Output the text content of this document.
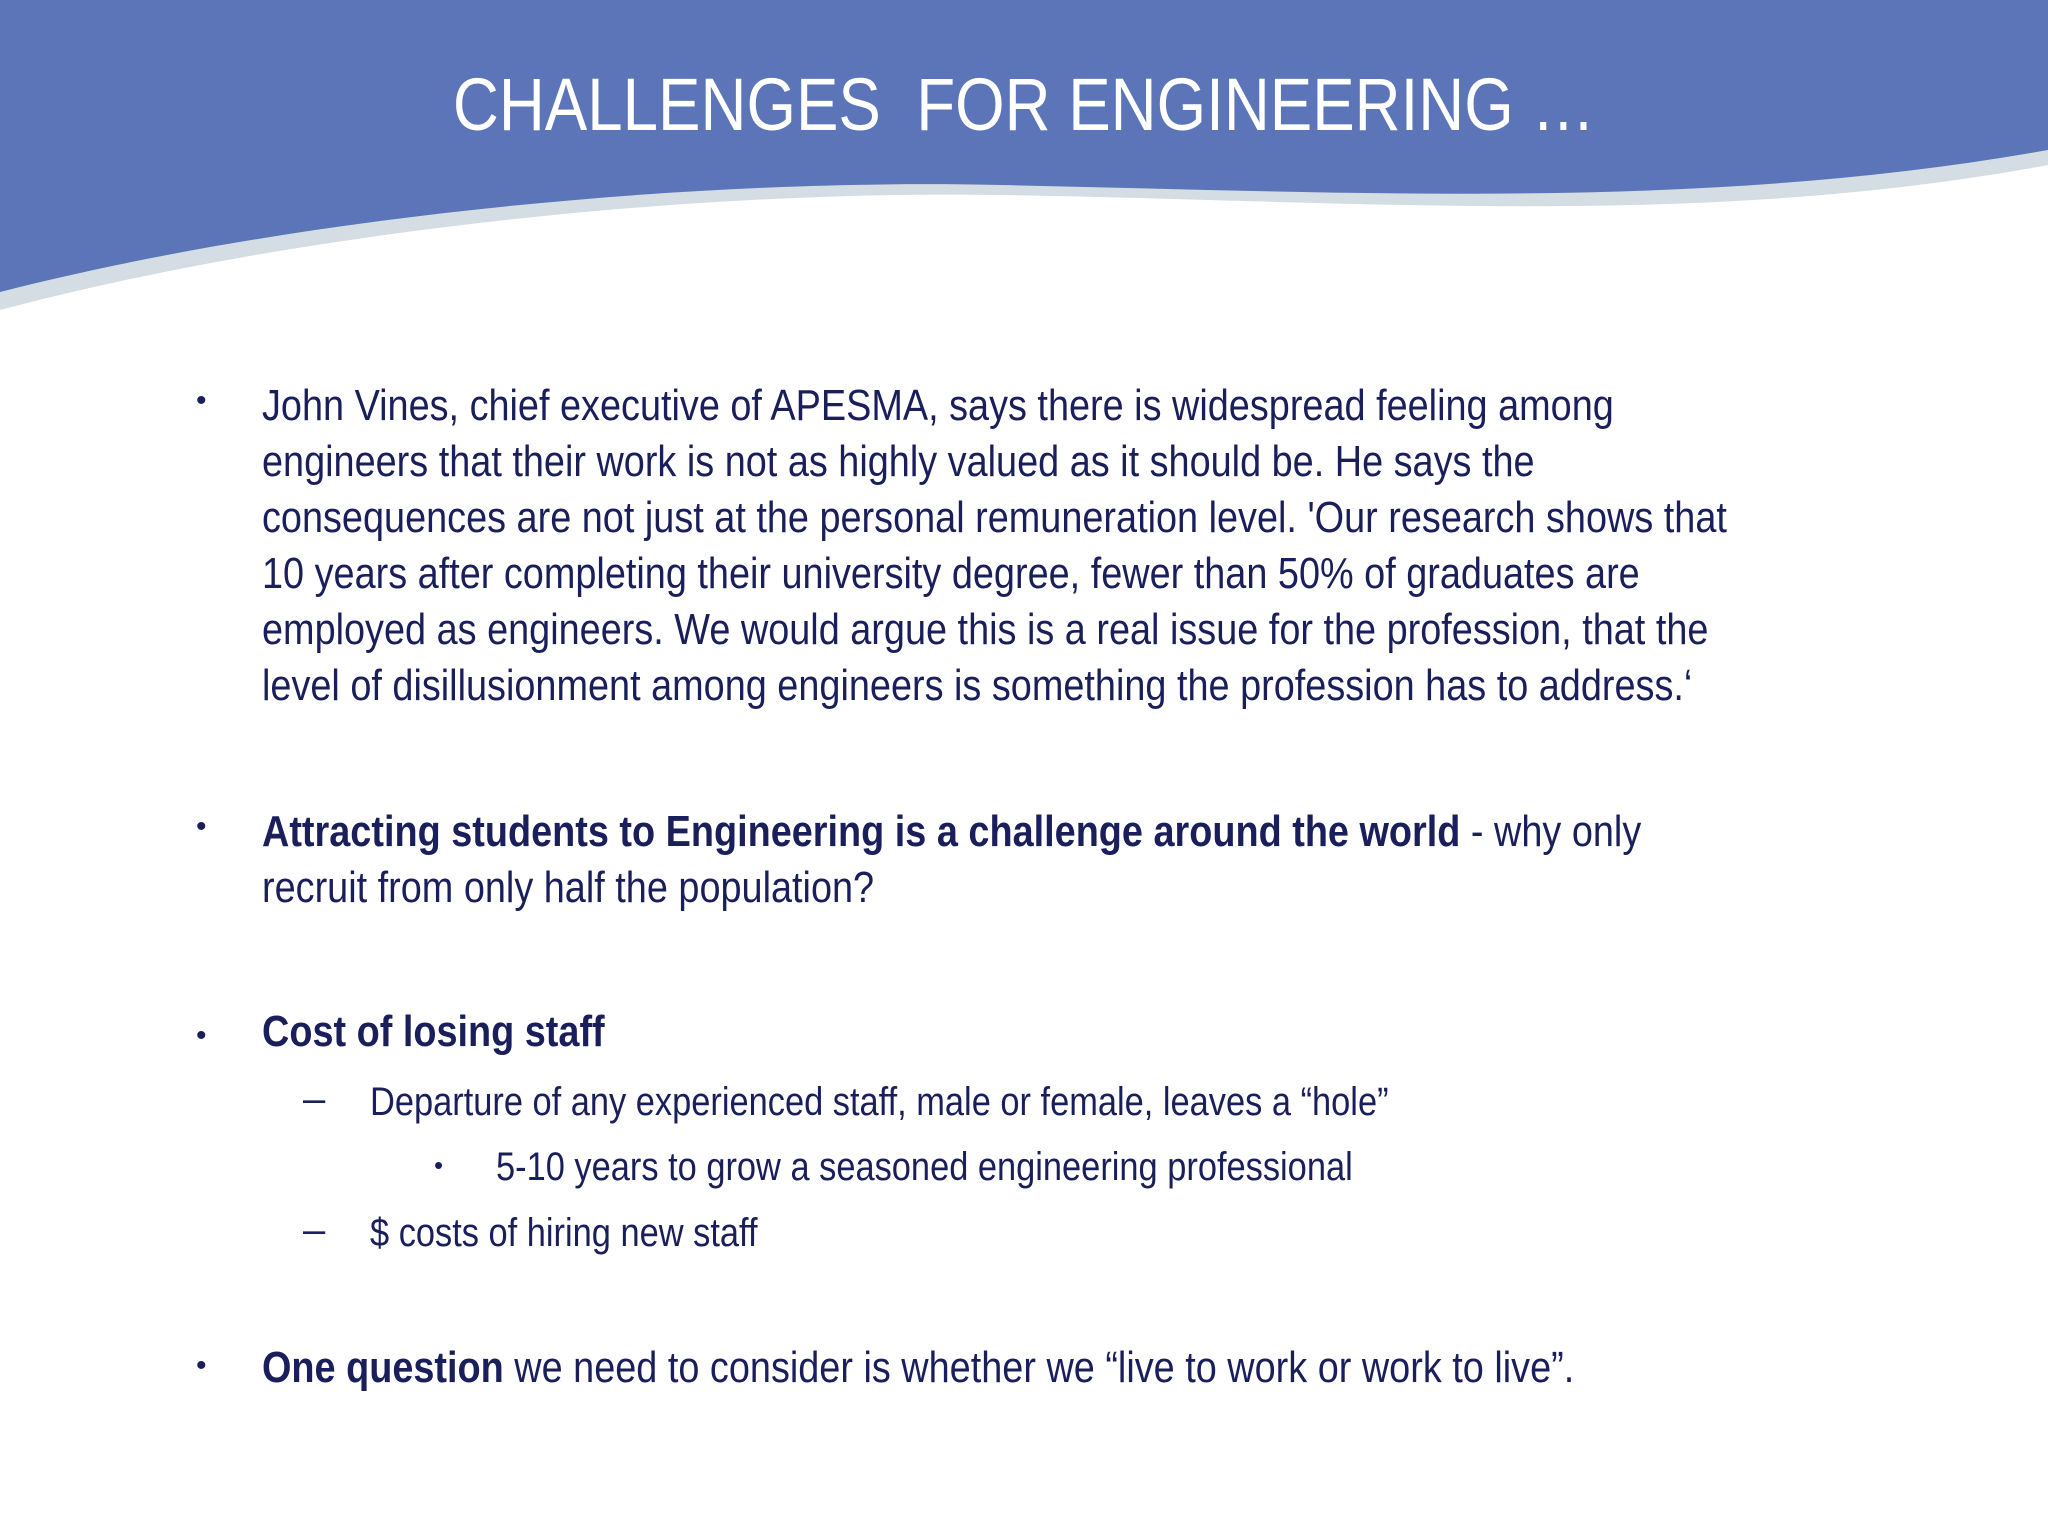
CHALLENGES  FOR ENGINEERING …
•	John Vines, chief executive of APESMA, says there is widespread feeling among
engineers that their work is not as highly valued as it should be. He says the
consequences are not just at the personal remuneration level. 'Our research shows that
10 years after completing their university degree, fewer than 50% of graduates are
employed as engineers. We would argue this is a real issue for the profession, that the
level of disillusionment among engineers is something the profession has to address.‘
•	Attracting students to Engineering is a challenge around the world - why only
recruit from only half the population?
•	Cost of losing staff
– Departure of any experienced staff, male or female, leaves a “hole”
• 5-10 years to grow a seasoned engineering professional
– $ costs of hiring new staff
•	One question we need to consider is whether we “live to work or work to live”.
